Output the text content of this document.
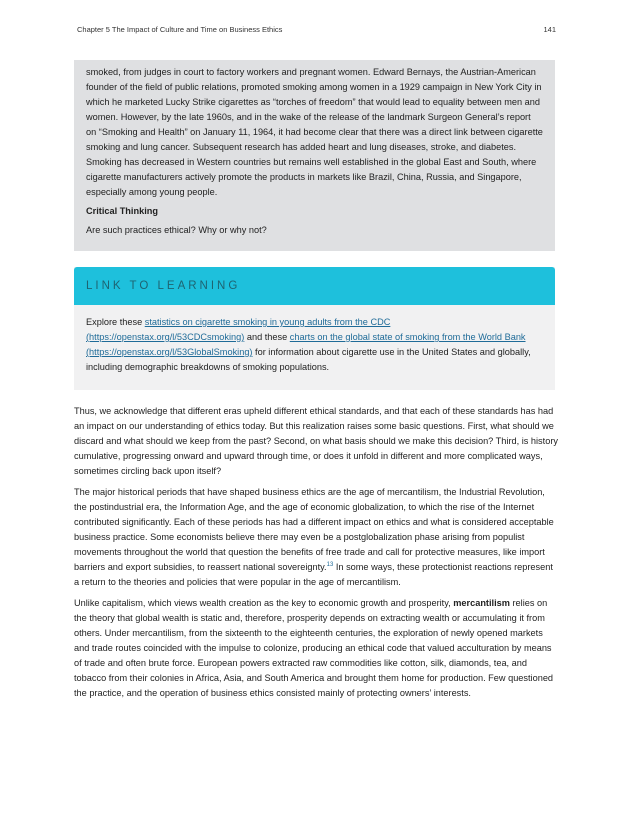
Chapter 5 The Impact of Culture and Time on Business Ethics	141

smoked, from judges in court to factory workers and pregnant women. Edward Bernays, the Austrian-American founder of the field of public relations, promoted smoking among women in a 1929 campaign in New York City in which he marketed Lucky Strike cigarettes as “torches of freedom” that would lead to equality between men and women. However, by the late 1960s, and in the wake of the release of the landmark Surgeon General’s report on “Smoking and Health” on January 11, 1964, it had become clear that there was a direct link between cigarette smoking and lung cancer. Subsequent research has added heart and lung diseases, stroke, and diabetes. Smoking has decreased in Western countries but remains well established in the global East and South, where cigarette manufacturers actively promote the products in markets like Brazil, China, Russia, and Singapore, especially among young people.

Critical Thinking

Are such practices ethical? Why or why not?

LINK TO LEARNING

Explore these statistics on cigarette smoking in young adults from the CDC (https://openstax.org/l/53CDCsmoking) and these charts on the global state of smoking from the World Bank (https://openstax.org/l/53GlobalSmoking) for information about cigarette use in the United States and globally, including demographic breakdowns of smoking populations.

Thus, we acknowledge that different eras upheld different ethical standards, and that each of these standards has had an impact on our understanding of ethics today. But this realization raises some basic questions. First, what should we discard and what should we keep from the past? Second, on what basis should we make this decision? Third, is history cumulative, progressing onward and upward through time, or does it unfold in different and more complicated ways, sometimes circling back upon itself?

The major historical periods that have shaped business ethics are the age of mercantilism, the Industrial Revolution, the postindustrial era, the Information Age, and the age of economic globalization, to which the rise of the Internet contributed significantly. Each of these periods has had a different impact on ethics and what is considered acceptable business practice. Some economists believe there may even be a postglobalization phase arising from populist movements throughout the world that question the benefits of free trade and call for protective measures, like import barriers and export subsidies, to reassert national sovereignty.$^{13}$ In some ways, these protectionist reactions represent a return to the theories and policies that were popular in the age of mercantilism.

Unlike capitalism, which views wealth creation as the key to economic growth and prosperity, mercantilism relies on the theory that global wealth is static and, therefore, prosperity depends on extracting wealth or accumulating it from others. Under mercantilism, from the sixteenth to the eighteenth centuries, the exploration of newly opened markets and trade routes coincided with the impulse to colonize, producing an ethical code that valued acculturation by means of trade and often brute force. European powers extracted raw commodities like cotton, silk, diamonds, tea, and tobacco from their colonies in Africa, Asia, and South America and brought them home for production. Few questioned the practice, and the operation of business ethics consisted mainly of protecting owners’ interests.
